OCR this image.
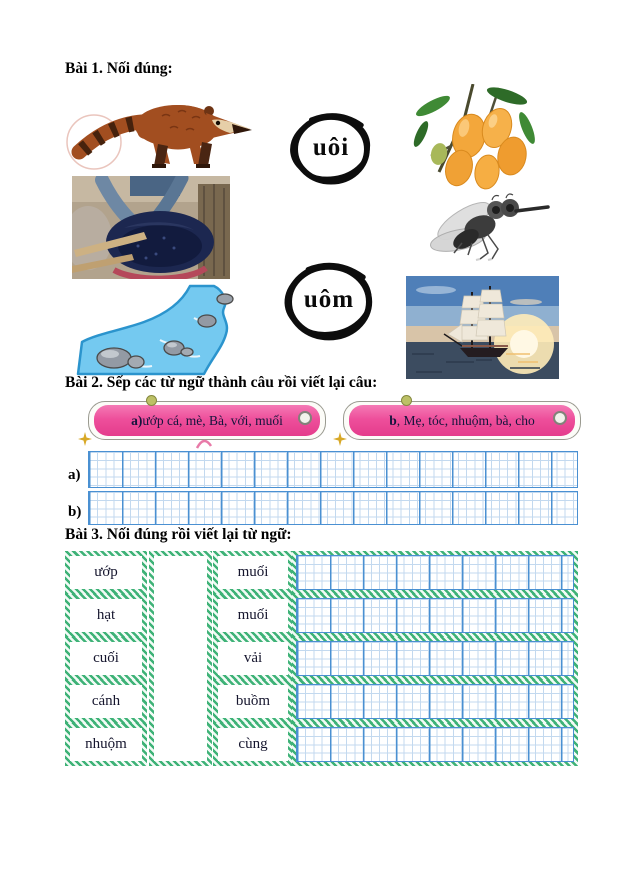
Bài 1. Nối đúng:
uôi
uôm
Bài 2. Sếp các từ ngữ thành câu rồi viết lại câu:
a) ướp cá, mè, Bà, với, muối	b , Mẹ, tóc, nhuộm, bà, cho
a)
b)
Bài 3. Nối đúng rồi viết lại từ ngữ:
ướp	muối
hạt	muối
cuối	vải
cánh	buồm
nhuộm	cùng
